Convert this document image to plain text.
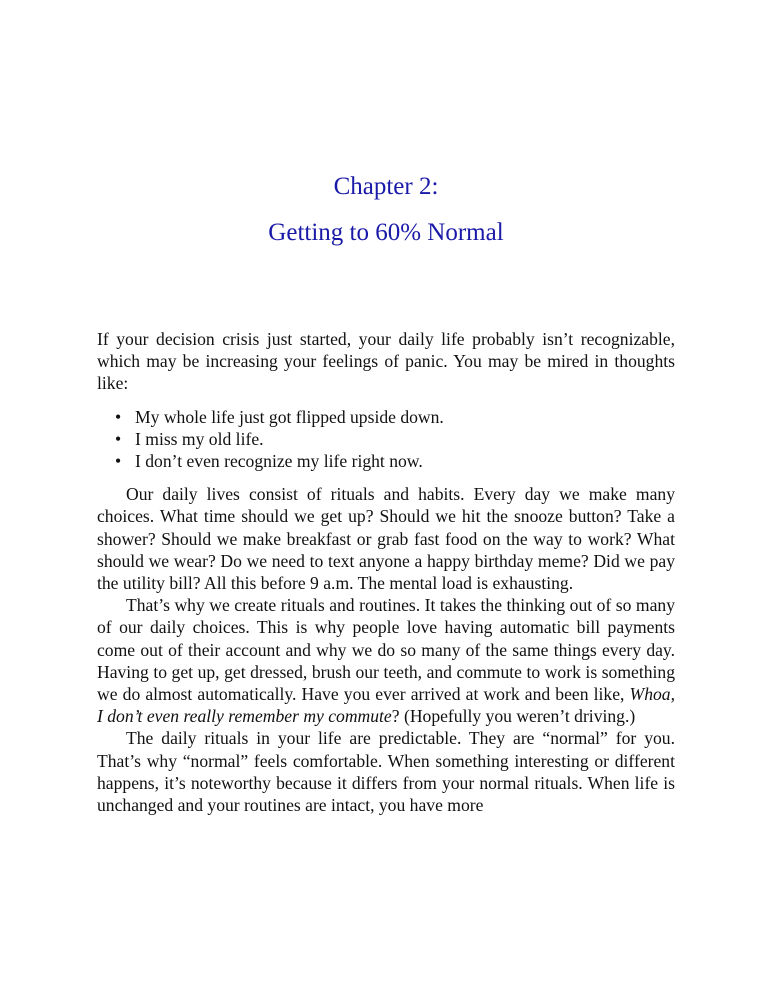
Chapter 2:
Getting to 60% Normal

If your decision crisis just started, your daily life probably isn’t recognizable, which may be increasing your feelings of panic. You may be mired in thoughts like:

• My whole life just got flipped upside down.
• I miss my old life.
• I don’t even recognize my life right now.

Our daily lives consist of rituals and habits. Every day we make many choices. What time should we get up? Should we hit the snooze button? Take a shower? Should we make breakfast or grab fast food on the way to work? What should we wear? Do we need to text anyone a happy birthday meme? Did we pay the utility bill? All this before 9 a.m. The mental load is exhausting.

That’s why we create rituals and routines. It takes the thinking out of so many of our daily choices. This is why people love having automatic bill payments come out of their account and why we do so many of the same things every day. Having to get up, get dressed, brush our teeth, and commute to work is something we do almost automatically. Have you ever arrived at work and been like, Whoa, I don’t even really remember my commute? (Hopefully you weren’t driving.)

The daily rituals in your life are predictable. They are “normal” for you. That’s why “normal” feels comfortable. When something interesting or different happens, it’s noteworthy because it differs from your normal rituals. When life is unchanged and your routines are intact, you have more
